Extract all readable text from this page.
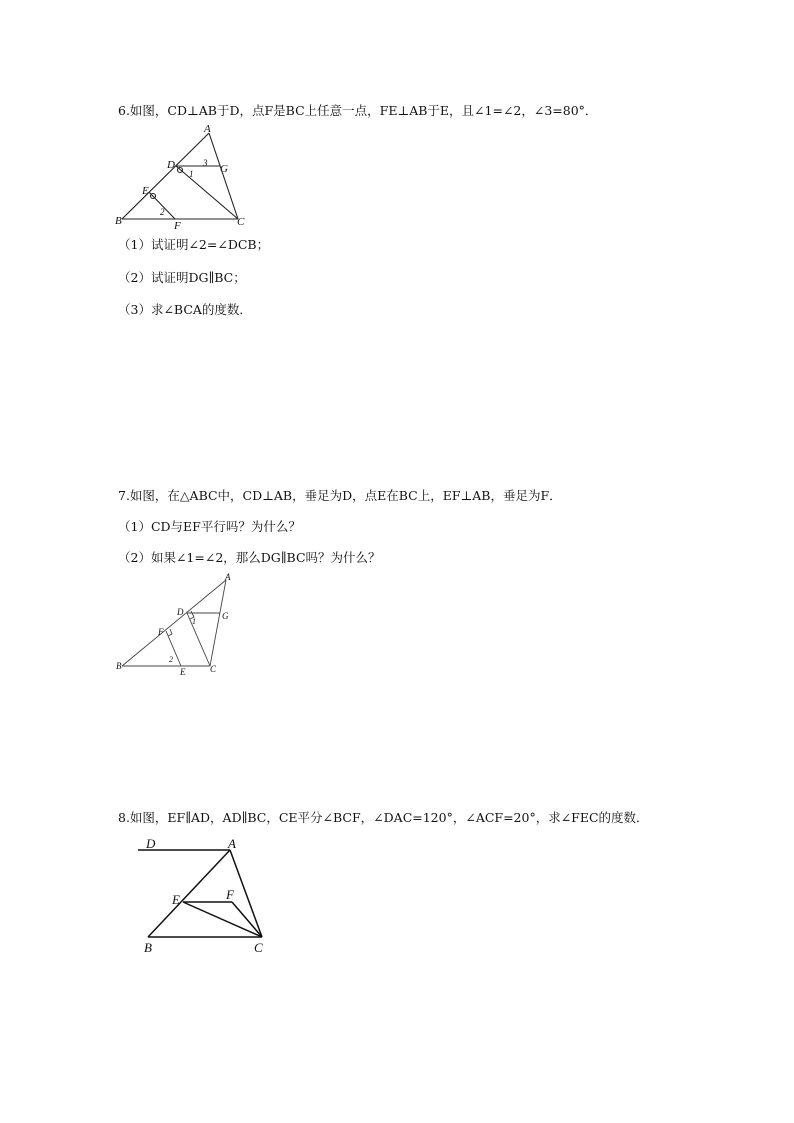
6.如图，CD⊥AB于D，点F是BC上任意一点，FE⊥AB于E，且∠1=∠2，∠3=80°．
A
D	G
E
B	F	C
1
2
3
（1）试证明∠2=∠DCB；
（2）试证明DG∥BC；
（3）求∠BCA的度数．
7.如图，在△ABC中，CD⊥AB，垂足为D，点E在BC上，EF⊥AB，垂足为F．
（1）CD与EF平行吗？为什么？
（2）如果∠1=∠2，那么DG∥BC吗？为什么？
A
D	G
F
B
E	C
1
2
8.如图，EF∥AD，AD∥BC，CE平分∠BCF，∠DAC=120°，∠ACF=20°，求∠FEC的度数．
D	A
E	F
B	C
